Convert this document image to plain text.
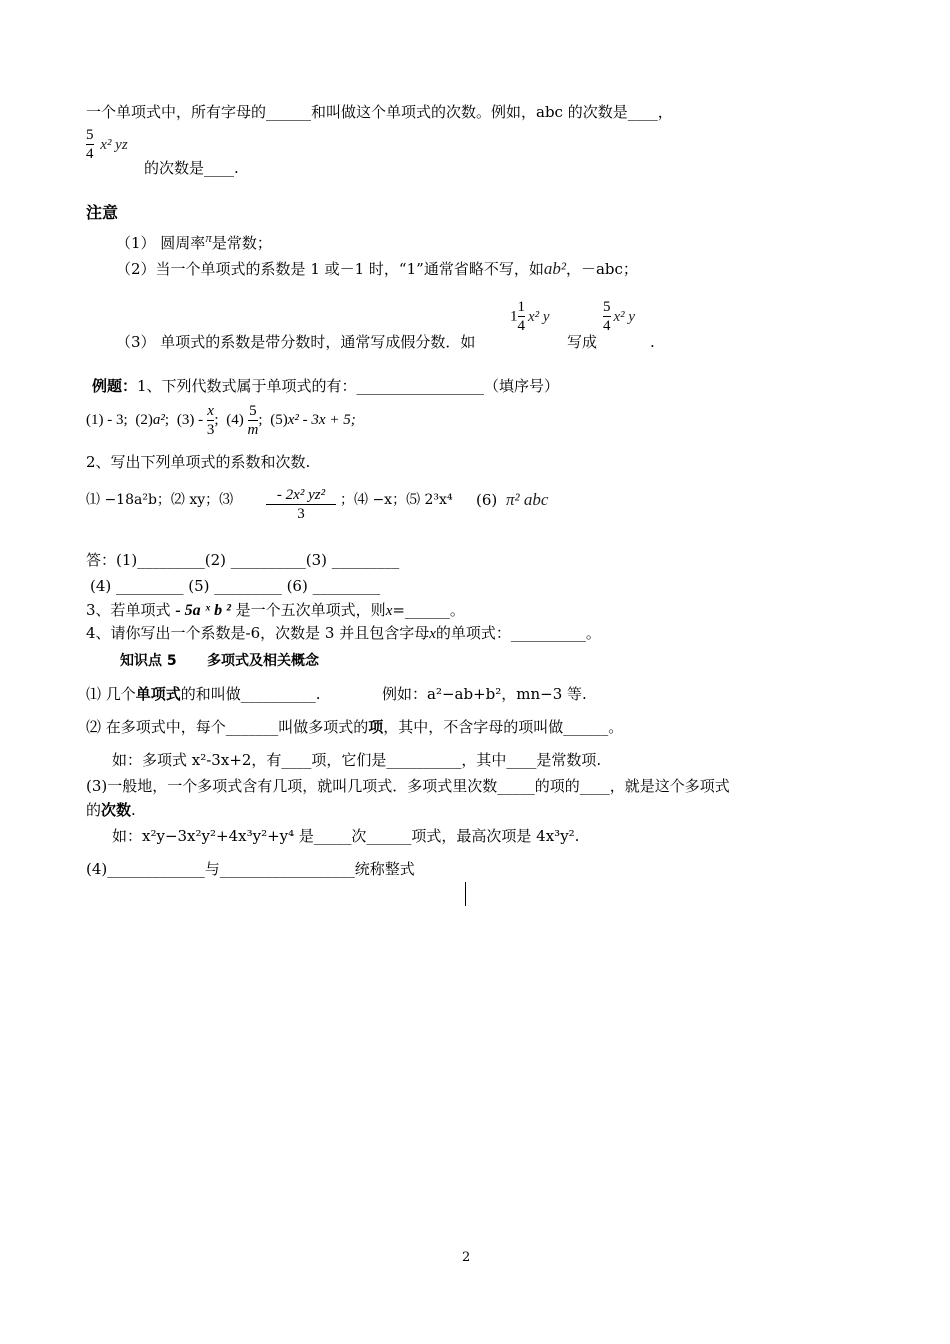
一个单项式中，所有字母的______和叫做这个单项式的次数。例如，abc 的次数是____，
$\frac{5}{4} x^2$ yz
的次数是____.
注意
（1） 圆周率π是常数；
（2）当一个单项式的系数是 1 或－1 时，“1”通常省略不写，如ab²，－abc；
$1 \frac{1}{4} x^2$ y	$\frac{5}{4} x^2$ y
（3） 单项式的系数是带分数时，通常写成假分数．如	写成	.
例题：1、下列代数式属于单项式的有：_________________（填序号）
(1) - 3; (2)a²; $(3) - \frac{x}{3}$ ; $(4) \frac{5}{m}$ ; (5)x² - 3x + 5;
2、写出下列单项式的系数和次数.
⑴ −18a²b；⑵ xy；⑶ $\frac{\text{- 2x² yz²}}{3}$ ；⑷ −x；⑸ 2³x⁴ (6) π² abc
答：(1)_________(2) __________(3) _________
(4) _________ (5) _________ (6) _________
3、若单项式 - 5a ˣ b ² 是一个五次单项式，则x=______。
4、请你写出一个系数是-6，次数是 3 并且包含字母x的单项式：__________。
知识点 5 多项式及相关概念
⑴ 几个单项式的和叫做__________.	例如：a²−ab+b²，mn−3 等.
⑵ 在多项式中，每个_______叫做多项式的项，其中，不含字母的项叫做______。
如：多项式 x²-3x+2，有____项，它们是__________，其中____是常数项.
(3)一般地，一个多项式含有几项，就叫几项式．多项式里次数_____的项的____，就是这个多项式
的次数.
如：x²y−3x²y²+4x³y²+y⁴ 是_____次______项式，最高次项是 4x³y².
(4)_____________与__________________统称整式
2
